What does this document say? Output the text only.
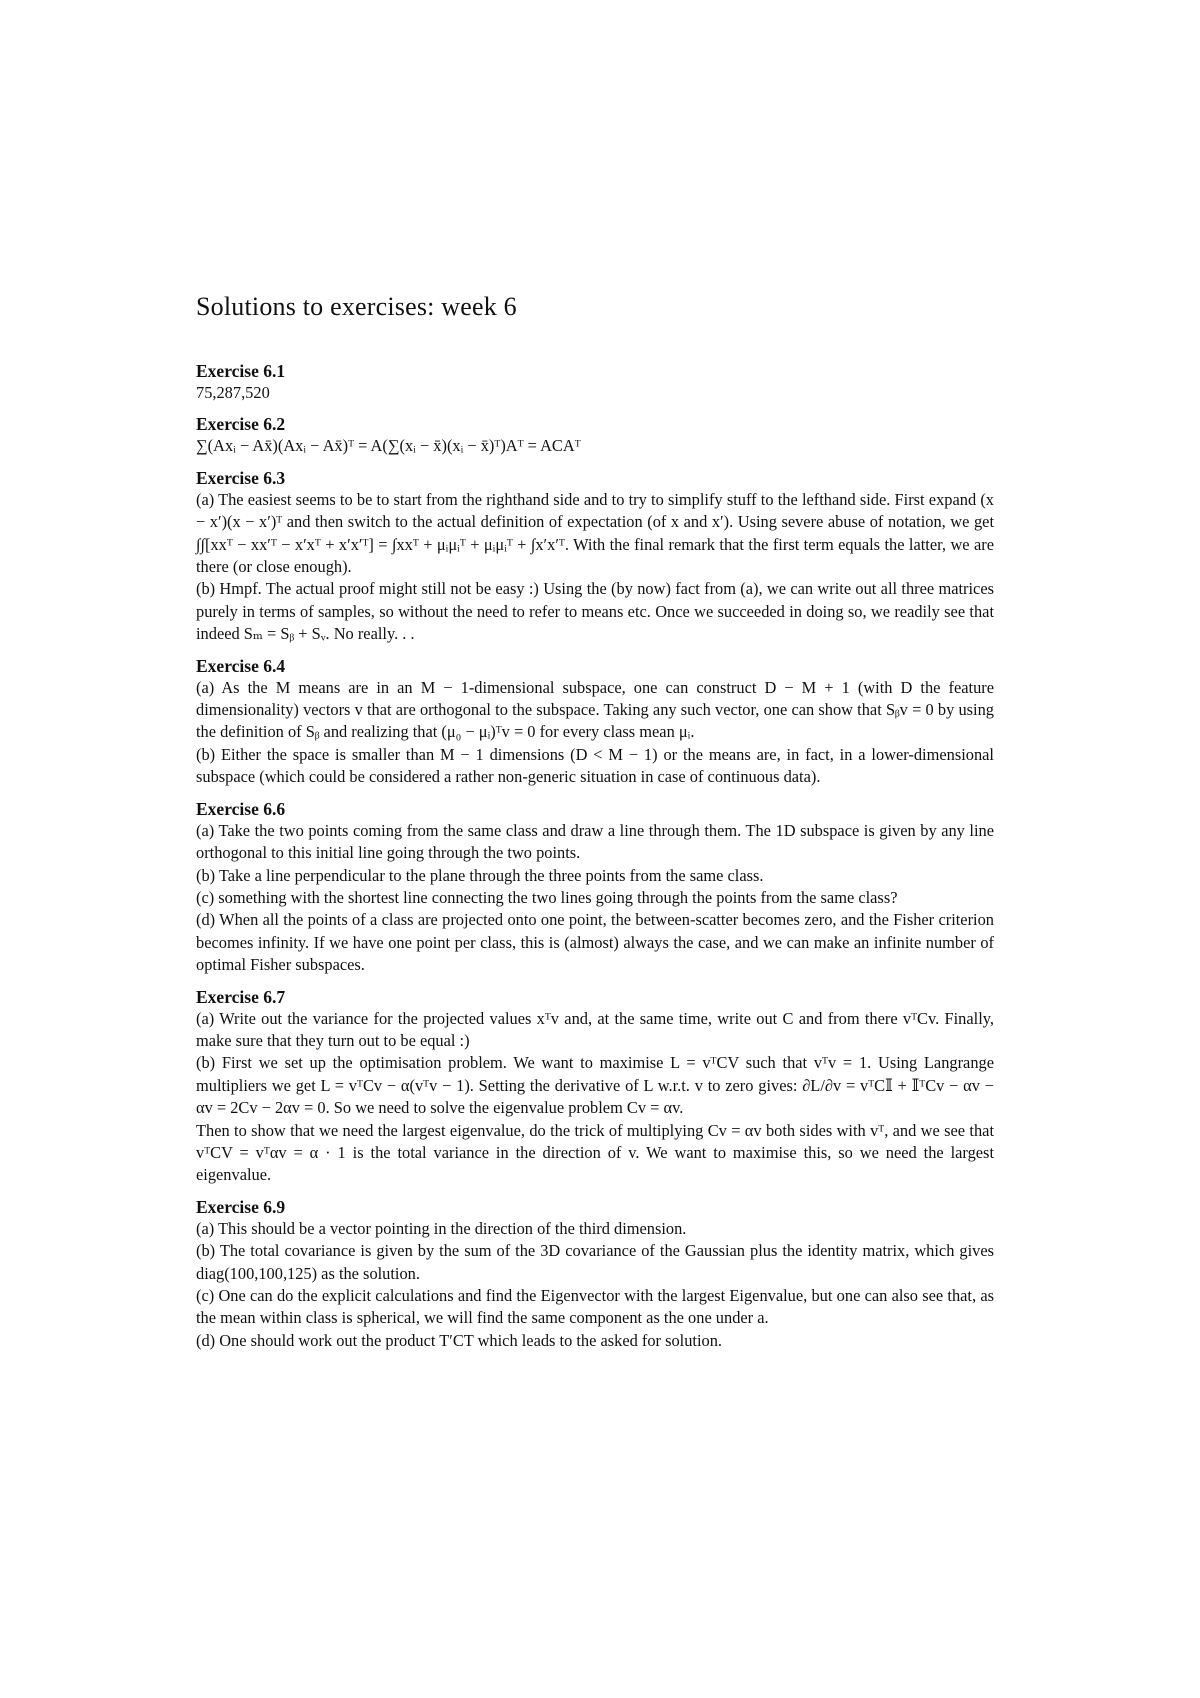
Solutions to exercises: week 6
Exercise 6.1

75,287,520

Exercise 6.2

∑(Axᵢ − Ax̄)(Axᵢ − Ax̄)ᵀ = A(∑(xᵢ − x̄)(xᵢ − x̄)ᵀ)Aᵀ = ACAᵀ

Exercise 6.3

(a) The easiest seems to be to start from the righthand side and to try to simplify stuff to the lefthand side. First expand (x − x′)(x − x′)ᵀ and then switch to the actual definition of expectation (of x and x′). Using severe abuse of notation, we get ∫∫[xxᵀ − xx′ᵀ − x′xᵀ + x′x′ᵀ] = ∫xxᵀ + μᵢμᵢᵀ + μᵢμᵢᵀ + ∫x′x′ᵀ. With the final remark that the first term equals the latter, we are there (or close enough).

(b) Hmpf. The actual proof might still not be easy :) Using the (by now) fact from (a), we can write out all three matrices purely in terms of samples, so without the need to refer to means etc. Once we succeeded in doing so, we readily see that indeed Sₘ = Sᵦ + Sᵥ. No really. . .

Exercise 6.4

(a) As the M means are in an M − 1-dimensional subspace, one can construct D − M + 1 (with D the feature dimensionality) vectors v that are orthogonal to the subspace. Taking any such vector, one can show that Sᵦv = 0 by using the definition of Sᵦ and realizing that (μ₀ − μᵢ)ᵀv = 0 for every class mean μᵢ.

(b) Either the space is smaller than M − 1 dimensions (D < M − 1) or the means are, in fact, in a lower-dimensional subspace (which could be considered a rather non-generic situation in case of continuous data).

Exercise 6.6

(a) Take the two points coming from the same class and draw a line through them. The 1D subspace is given by any line orthogonal to this initial line going through the two points.

(b) Take a line perpendicular to the plane through the three points from the same class.

(c) something with the shortest line connecting the two lines going through the points from the same class?

(d) When all the points of a class are projected onto one point, the between-scatter becomes zero, and the Fisher criterion becomes infinity. If we have one point per class, this is (almost) always the case, and we can make an infinite number of optimal Fisher subspaces.

Exercise 6.7

(a) Write out the variance for the projected values xᵀv and, at the same time, write out C and from there vᵀCv. Finally, make sure that they turn out to be equal :)

(b) First we set up the optimisation problem. We want to maximise L = vᵀCV such that vᵀv = 1. Using Langrange multipliers we get L = vᵀCv − α(vᵀv − 1). Setting the derivative of L w.r.t. v to zero gives: ∂L/∂v = vᵀC𝕀 + 𝕀ᵀCv − αv − αv = 2Cv − 2αv = 0. So we need to solve the eigenvalue problem Cv = αv.

Then to show that we need the largest eigenvalue, do the trick of multiplying Cv = αv both sides with vᵀ, and we see that vᵀCV = vᵀαv = α · 1 is the total variance in the direction of v. We want to maximise this, so we need the largest eigenvalue.

Exercise 6.9

(a) This should be a vector pointing in the direction of the third dimension.

(b) The total covariance is given by the sum of the 3D covariance of the Gaussian plus the identity matrix, which gives diag(100,100,125) as the solution.

(c) One can do the explicit calculations and find the Eigenvector with the largest Eigenvalue, but one can also see that, as the mean within class is spherical, we will find the same component as the one under a.

(d) One should work out the product T′CT which leads to the asked for solution.
